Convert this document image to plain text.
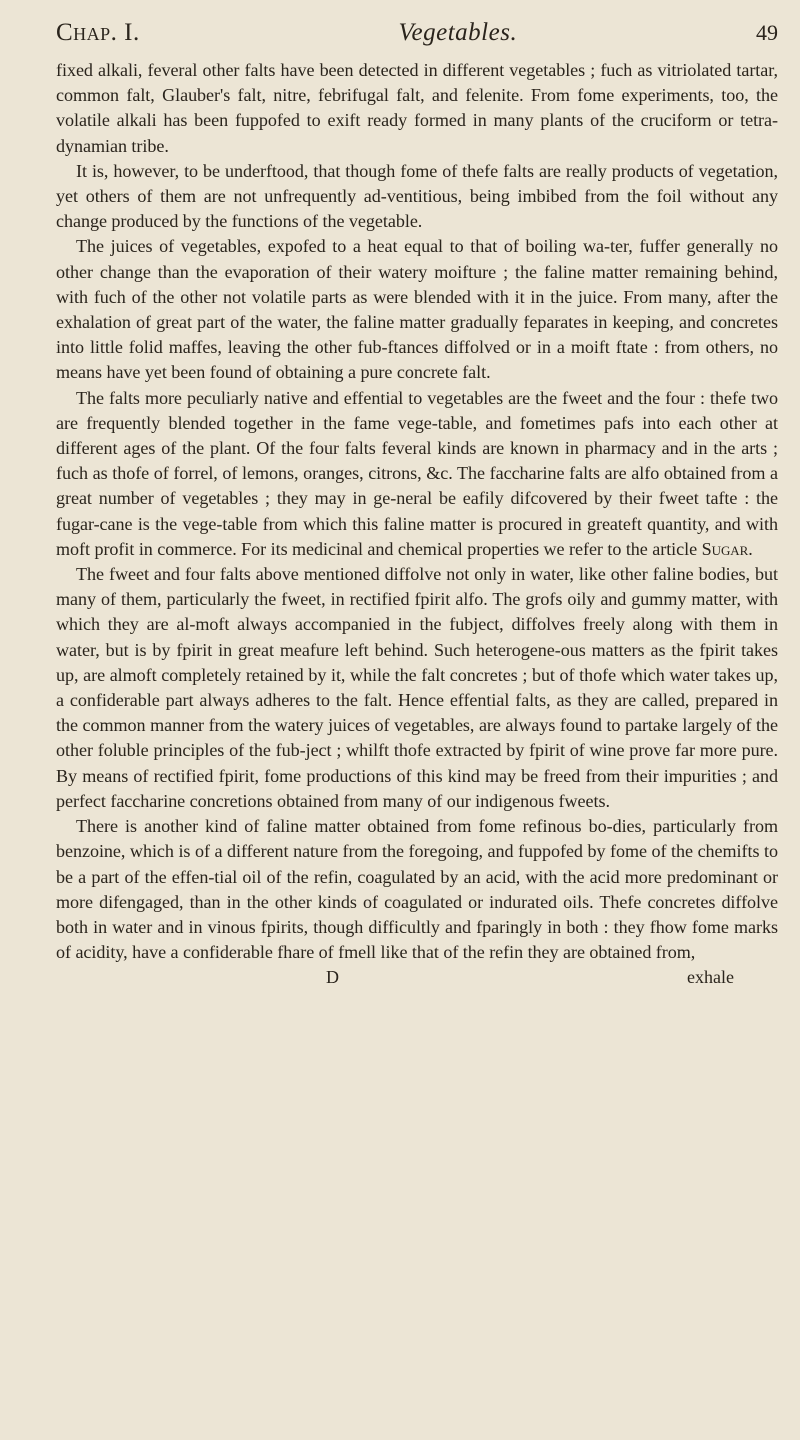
Chap. I.	Vegetables.	49

fixed alkali, feveral other falts have been detected in different vegetables ; fuch as vitriolated tartar, common falt, Glauber's falt, nitre, febrifugal falt, and felenite. From fome experiments, too, the volatile alkali has been fuppofed to exift ready formed in many plants of the cruciform or tetra-dynamian tribe.

It is, however, to be underftood, that though fome of thefe falts are really products of vegetation, yet others of them are not unfrequently ad-ventitious, being imbibed from the foil without any change produced by the functions of the vegetable.

The juices of vegetables, expofed to a heat equal to that of boiling wa-ter, fuffer generally no other change than the evaporation of their watery moifture ; the faline matter remaining behind, with fuch of the other not volatile parts as were blended with it in the juice. From many, after the exhalation of great part of the water, the faline matter gradually feparates in keeping, and concretes into little folid maffes, leaving the other fub-ftances diffolved or in a moift ftate : from others, no means have yet been found of obtaining a pure concrete falt.

The falts more peculiarly native and effential to vegetables are the fweet and the four : thefe two are frequently blended together in the fame vege-table, and fometimes pafs into each other at different ages of the plant. Of the four falts feveral kinds are known in pharmacy and in the arts ; fuch as thofe of forrel, of lemons, oranges, citrons, &c. The faccharine falts are alfo obtained from a great number of vegetables ; they may in ge-neral be eafily difcovered by their fweet tafte : the fugar-cane is the vege-table from which this faline matter is procured in greateft quantity, and with moft profit in commerce. For its medicinal and chemical properties we refer to the article Sugar.

The fweet and four falts above mentioned diffolve not only in water, like other faline bodies, but many of them, particularly the fweet, in rectified fpirit alfo. The grofs oily and gummy matter, with which they are al-moft always accompanied in the fubject, diffolves freely along with them in water, but is by fpirit in great meafure left behind. Such heterogene-ous matters as the fpirit takes up, are almoft completely retained by it, while the falt concretes ; but of thofe which water takes up, a confiderable part always adheres to the falt. Hence effential falts, as they are called, prepared in the common manner from the watery juices of vegetables, are always found to partake largely of the other foluble principles of the fub-ject ; whilft thofe extracted by fpirit of wine prove far more pure. By means of rectified fpirit, fome productions of this kind may be freed from their impurities ; and perfect faccharine concretions obtained from many of our indigenous fweets.

There is another kind of faline matter obtained from fome refinous bo-dies, particularly from benzoine, which is of a different nature from the foregoing, and fuppofed by fome of the chemifts to be a part of the effen-tial oil of the refin, coagulated by an acid, with the acid more predominant or more difengaged, than in the other kinds of coagulated or indurated oils. Thefe concretes diffolve both in water and in vinous fpirits, though difficultly and fparingly in both : they fhow fome marks of acidity, have a confiderable fhare of fmell like that of the refin they are obtained from,

D	exhale
